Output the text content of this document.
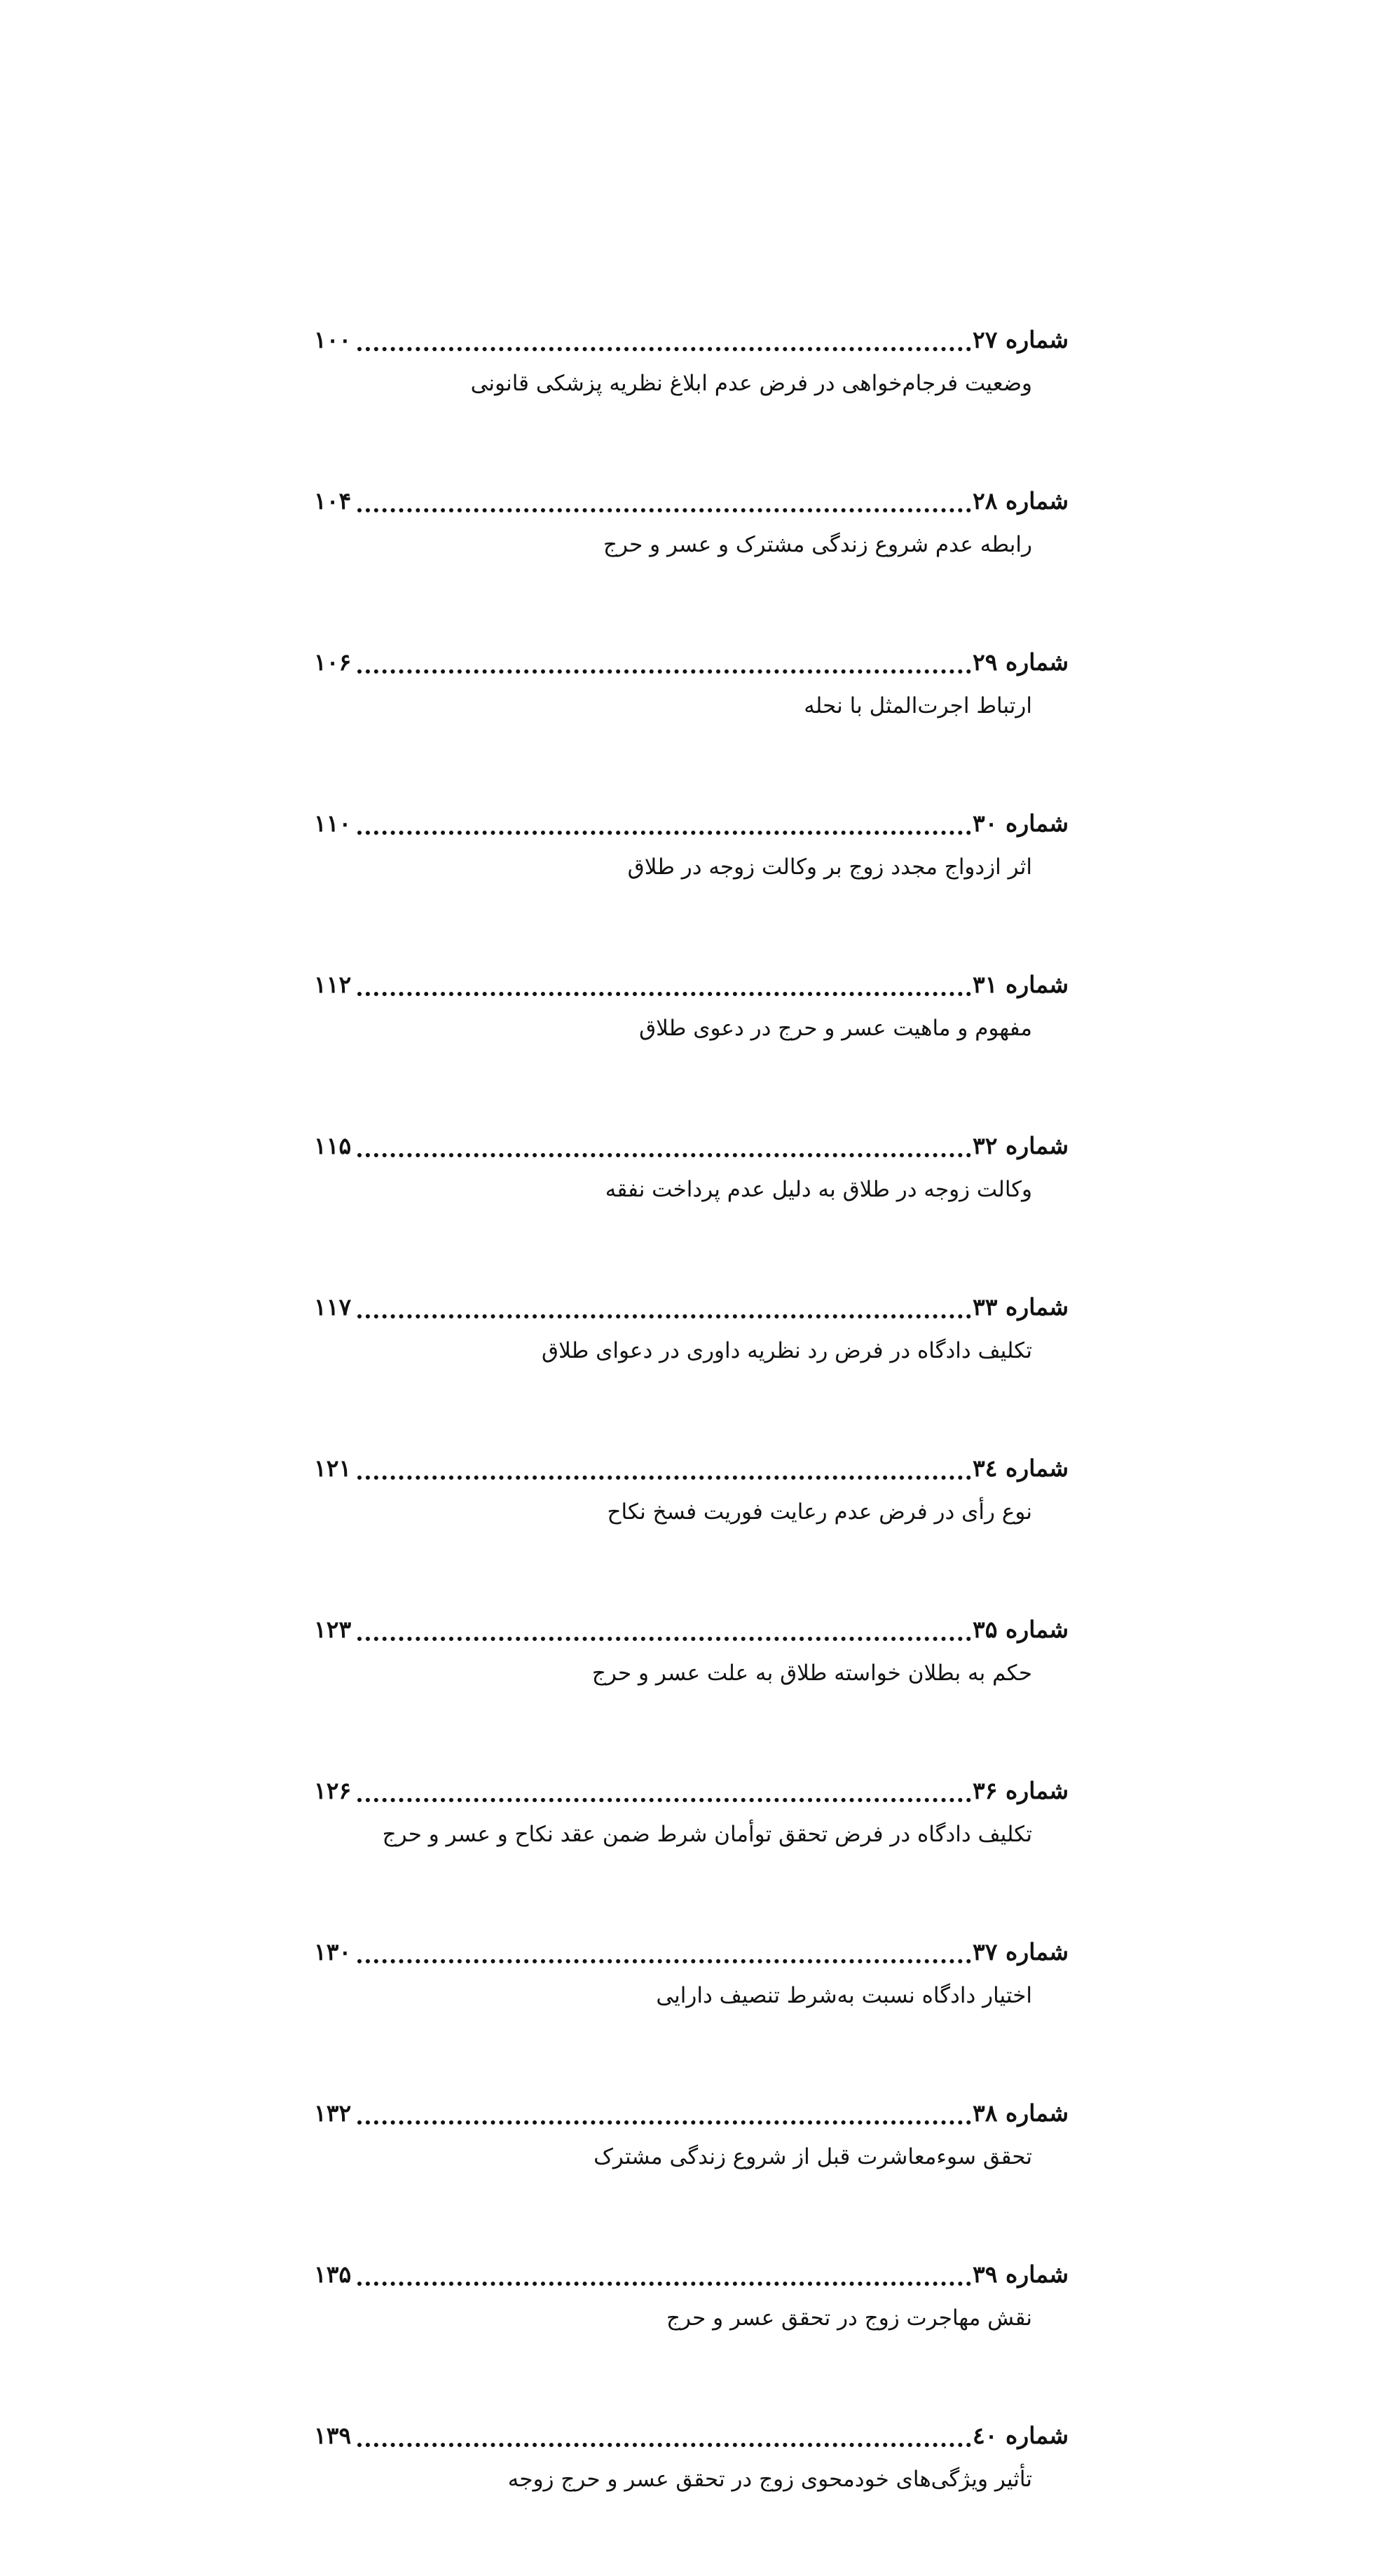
شماره ۲۷
۱۰۰
وضعیت فرجام‌خواهی در فرض عدم ابلاغ نظریه پزشکی قانونی
شماره ۲۸
۱۰۴
رابطه عدم شروع زندگی مشترک و عسر و حرج
شماره ۲۹
۱۰۶
ارتباط اجرت‌المثل با نحله
شماره ۳۰
۱۱۰
اثر ازدواج مجدد زوج بر وکالت زوجه در طلاق
شماره ۳۱
۱۱۲
مفهوم و ماهیت عسر و حرج در دعوی طلاق
شماره ۳۲
۱۱۵
وکالت زوجه در طلاق به دلیل عدم پرداخت نفقه
شماره ۳۳
۱۱۷
تکلیف دادگاه در فرض رد نظریه داوری در دعوای طلاق
شماره ۳٤
۱۲۱
نوع رأی در فرض عدم رعایت فوریت فسخ نکاح
شماره ۳۵
۱۲۳
حکم به بطلان خواسته طلاق به علت عسر و حرج
شماره ۳۶
۱۲۶
تکلیف دادگاه در فرض تحقق توأمان شرط ضمن عقد نکاح و عسر و حرج
شماره ۳۷
۱۳۰
اختیار دادگاه نسبت به‌شرط تنصیف دارایی
شماره ۳۸
۱۳۲
تحقق سوءمعاشرت قبل از شروع زندگی مشترک
شماره ۳۹
۱۳۵
نقش مهاجرت زوج در تحقق عسر و حرج
شماره ٤۰
۱۳۹
تأثیر ویژگی‌های خودمحوی زوج در تحقق عسر و حرج زوجه
